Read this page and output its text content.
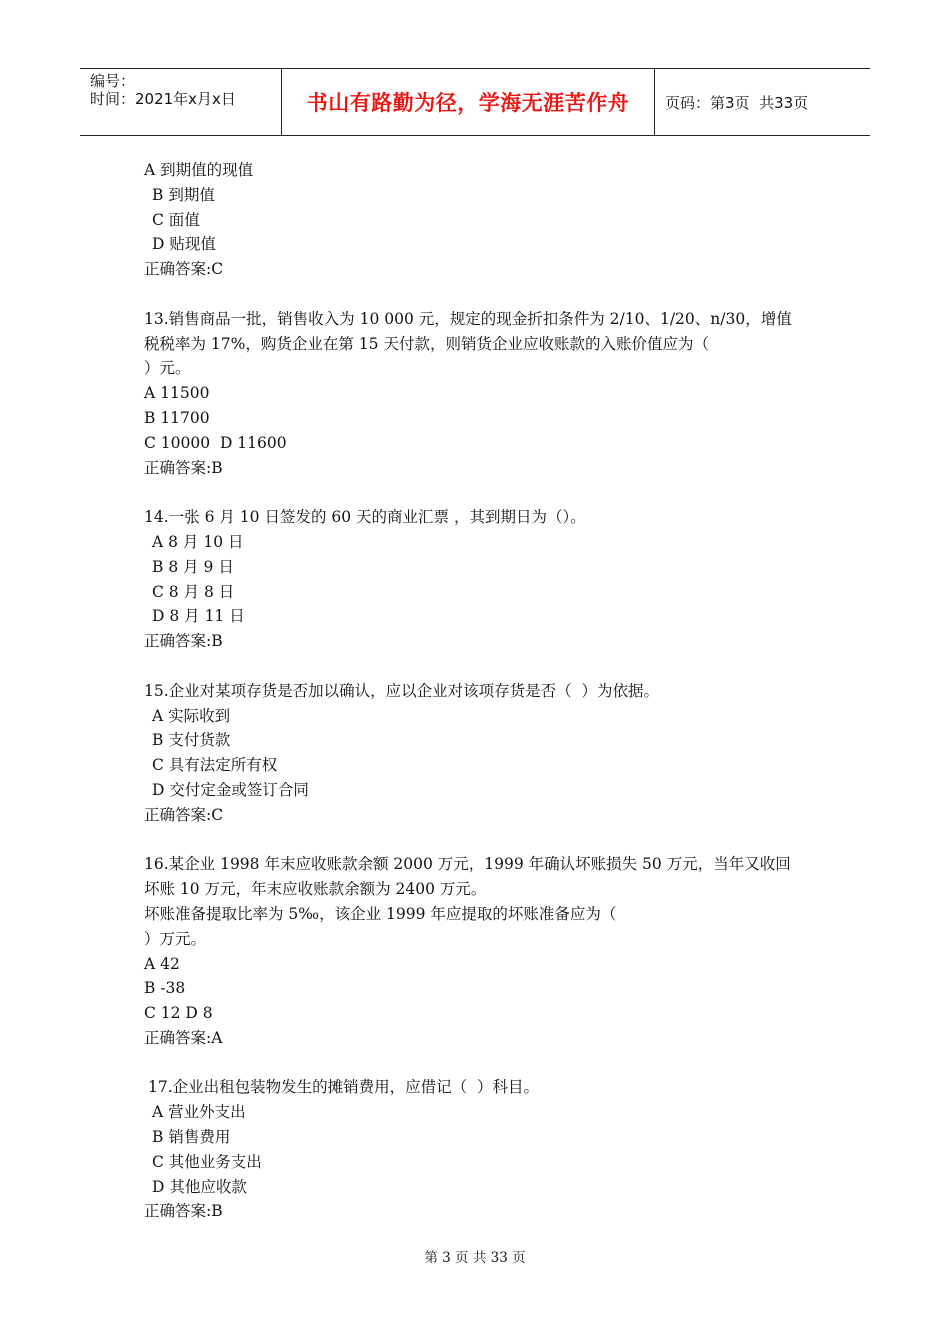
编号：
时间：2021年x月x日	书山有路勤为径，学海无涯苦作舟	页码：第3页  共33页
A 到期值的现值
B 到期值
C 面值
D 贴现值
正确答案:C
13.销售商品一批，销售收入为 10 000 元，规定的现金折扣条件为 2/10、1/20、n/30，增值
税税率为 17%，购货企业在第 15 天付款，则销货企业应收账款的入账价值应为（
）元。
A 11500
B 11700
C 10000  D 11600
正确答案:B
14.一张 6 月 10 日签发的 60 天的商业汇票 ，其到期日为（）。
A 8 月 10 日
B 8 月 9 日
C 8 月 8 日
D 8 月 11 日
正确答案:B
15.企业对某项存货是否加以确认，应以企业对该项存货是否（  ）为依据。
A 实际收到
B 支付货款
C 具有法定所有权
D 交付定金或签订合同
正确答案:C
16.某企业 1998 年末应收账款余额 2000 万元，1999 年确认坏账损失 50 万元，当年又收回
坏账 10 万元，年末应收账款余额为 2400 万元。
坏账准备提取比率为 5‰，该企业 1999 年应提取的坏账准备应为（
）万元。
A 42
B -38
C 12 D 8
正确答案:A
17.企业出租包装物发生的摊销费用，应借记（  ）科目。
A 营业外支出
B 销售费用
C 其他业务支出
D 其他应收款
正确答案:B
第 3 页 共 33 页
